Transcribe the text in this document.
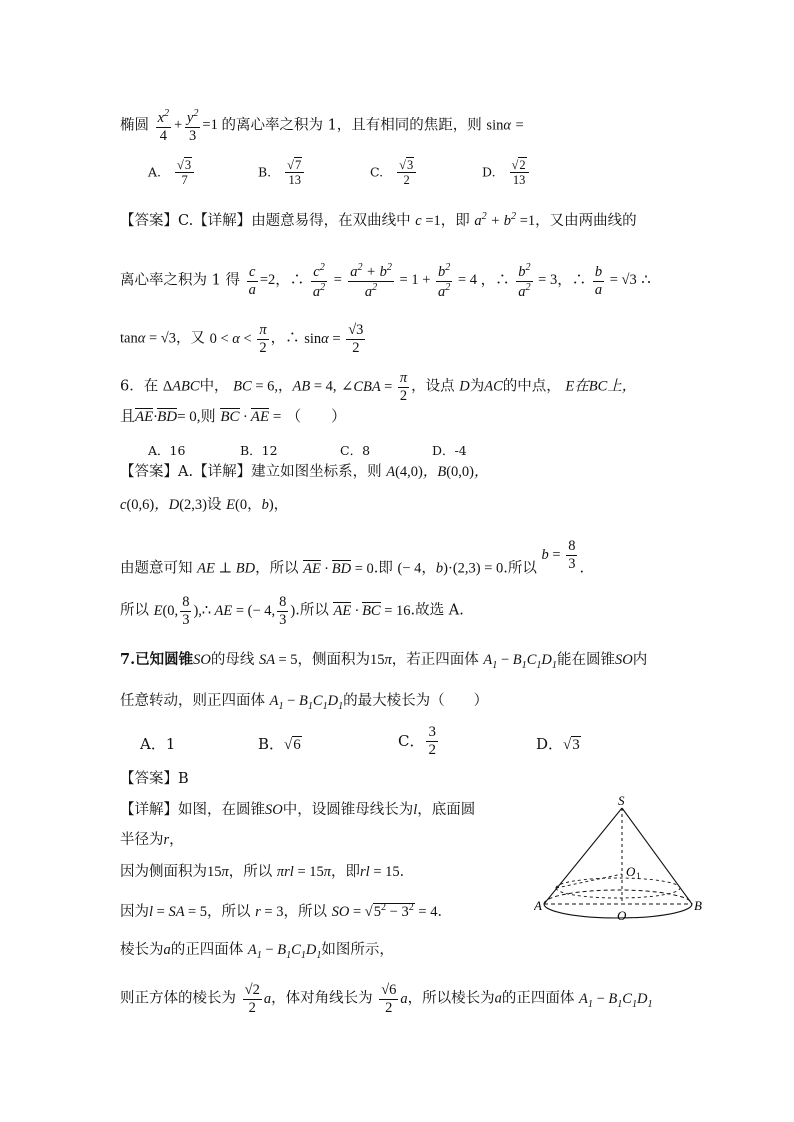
椭圆 $\frac{x^2}{4} + \frac{y^2}{3} =1$ 的离心率之积为 1，且有相同的焦距，则 sinα =
A. $\frac{√3}{7}$	B. $\frac{√7}{13}$	C. $\frac{√3}{2}$	D. $\frac{√2}{13}$
【答案】C.【详解】由题意易得，在双曲线中 c =1，即 $a^2 + b^2 =1$，又由两曲线的
离心率之积为 1 得 $\frac{c}{a} =2$，∴ $\frac{c^2}{a^2} = \frac{a^2 + b^2}{a^2} = 1 + \frac{b^2}{a^2} = 4$ ，∴ $\frac{b^2}{a^2} = 3$，∴ $\frac{b}{a} = √3$ ∴
tanα = √3，又 $0 < \alpha < \frac{\pi}{2}$ ，∴ $\sin\alpha = \frac{√3}{2}$
6．在 ΔABC中， BC = 6,，AB = 4, ∠CBA = $\frac{\pi}{2}$ ，设点 D为AC的中点， E在BC上，
且AE·BD= 0,则 BC · AE = （　　）
A．16	B．12	C．8	D．-4
【答案】A.【详解】建立如图坐标系，则 A(4,0)，B(0,0)，
c(0,6)，D(2,3)设 E(0，b)，
由题意可知 AE ⊥ BD，所以 AE · BD = 0.即 (− 4，b)·(2,3) = 0.所以 $b = \frac{8}{3}$ .
所以 E(0, $\frac{8}{3}$ ),∴ AE = (− 4, $\frac{8}{3}$ ).所以 AE · BC = 16.故选 A.
7.已知圆锥SO的母线 SA = 5，侧面积为15π，若正四面体 $A_1 - B_1C_1D_1$能在圆锥SO内
任意转动，则正四面体 $A_1 - B_1C_1D_1$的最大棱长为（　　）
A．1	B．√6	C． $\frac{3}{2}$	D．√3
【答案】B
【详解】如图，在圆锥SO中，设圆锥母线长为l，底面圆
半径为r，
因为侧面积为15π，所以 πrl = 15π，即rl = 15．
因为l = SA = 5，所以 r = 3，所以 SO = $√5^2 - 3^2 = 4$．
棱长为a的正四面体 $A_1 - B_1C_1D_1$如图所示，
则正方体的棱长为 $\frac{√2}{2}$ a，体对角线长为 $\frac{√6}{2}$ a，所以棱长为a的正四面体 $A_1 - B_1C_1D_1$
S
O 1
O
A	B
